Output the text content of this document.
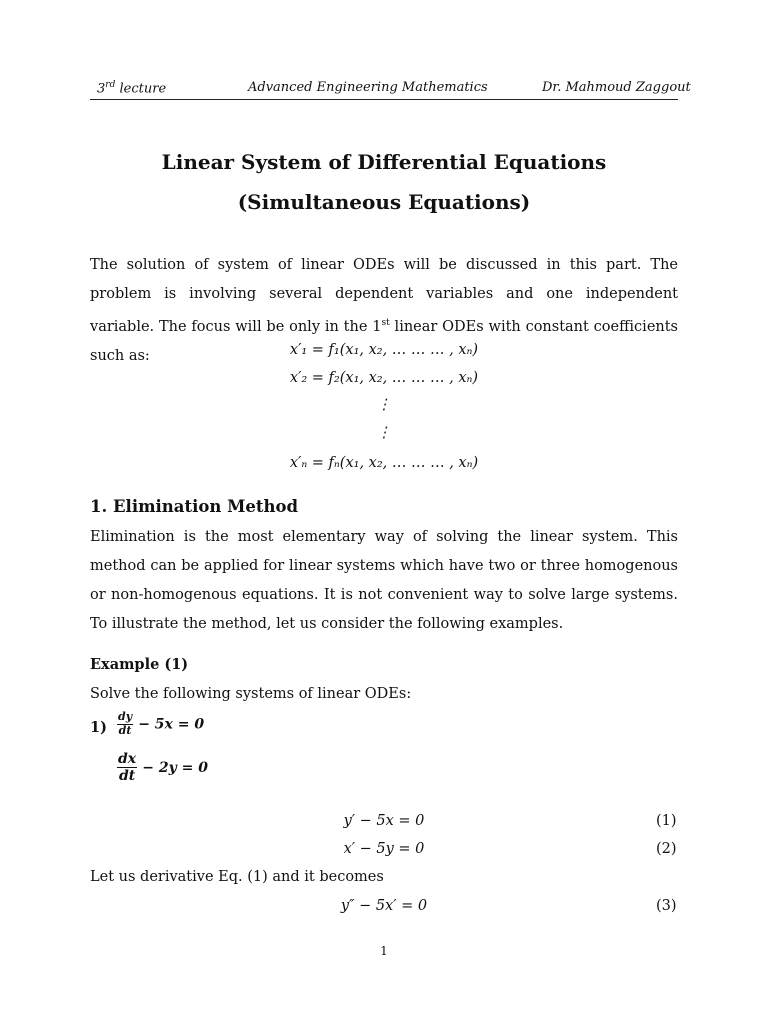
3rd lecture	Advanced Engineering Mathematics	Dr. Mahmoud Zaggout
Linear System of Differential Equations
(Simultaneous Equations)
The solution of system of linear ODEs will be discussed in this part. The problem is involving several dependent variables and one independent variable. The focus will be only in the 1st linear ODEs with constant coefficients such as:	x′₁ = f₁(x₁, x₂, … … … , xₙ)
x′₂ = f₂(x₁, x₂, … … … , xₙ)
⋮
⋮
x′ₙ = fₙ(x₁, x₂, … … … , xₙ)
1. Elimination Method
Elimination is the most elementary way of solving the linear system. This method can be applied for linear systems which have two or three homogenous or non-homogenous equations. It is not convenient way to solve large systems. To illustrate the method, let us consider the following examples.
Example (1)
Solve the following systems of linear ODEs:
$1) \frac{dy}{dt} - 5x = 0$
$\frac{dx}{dt} - 2y = 0$
y′ − 5x = 0	(1)
x′ − 5y = 0	(2)
Let us derivative Eq. (1) and it becomes
y″ − 5x′ = 0	(3)
1
